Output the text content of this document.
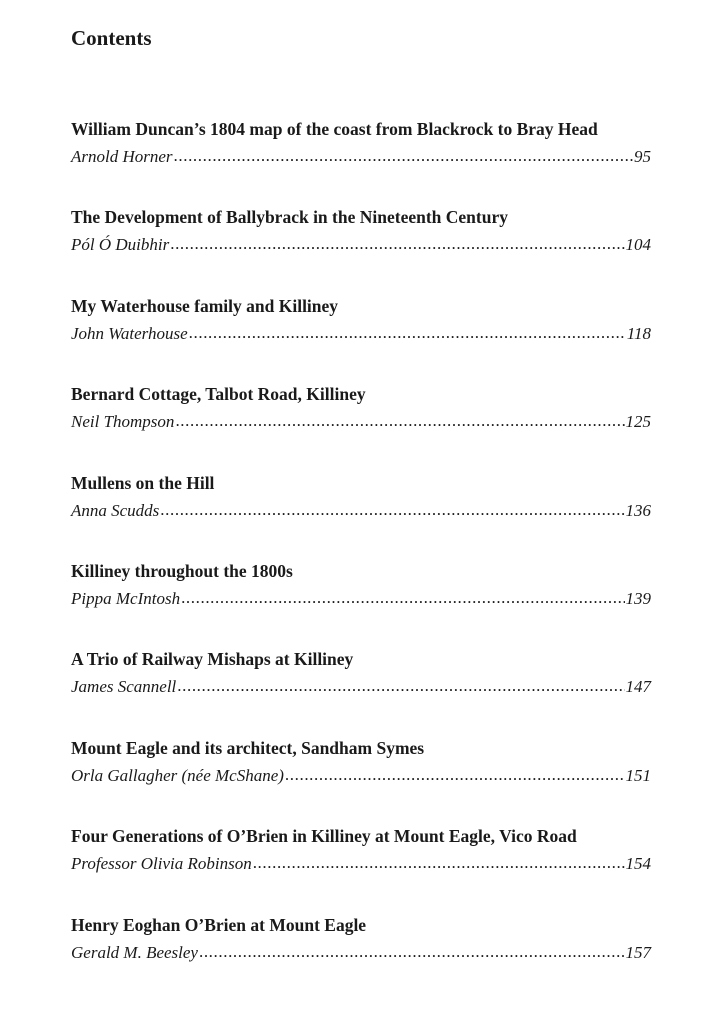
Contents
William Duncan’s 1804 map of the coast from Blackrock to Bray Head
Arnold Horner .....	95
The Development of Ballybrack in the Nineteenth Century
Pól Ó Duibhir .....	104
My Waterhouse family and Killiney
John Waterhouse .....	118
Bernard Cottage, Talbot Road, Killiney
Neil Thompson .....	125
Mullens on the Hill
Anna Scudds .....	136
Killiney throughout the 1800s
Pippa McIntosh .....	139
A Trio of Railway Mishaps at Killiney
James Scannell .....	147
Mount Eagle and its architect, Sandham Symes
Orla Gallagher (née McShane) .....	151
Four Generations of O’Brien in Killiney at Mount Eagle, Vico Road
Professor Olivia Robinson .....	154
Henry Eoghan O’Brien at Mount Eagle
Gerald M. Beesley .....	157
